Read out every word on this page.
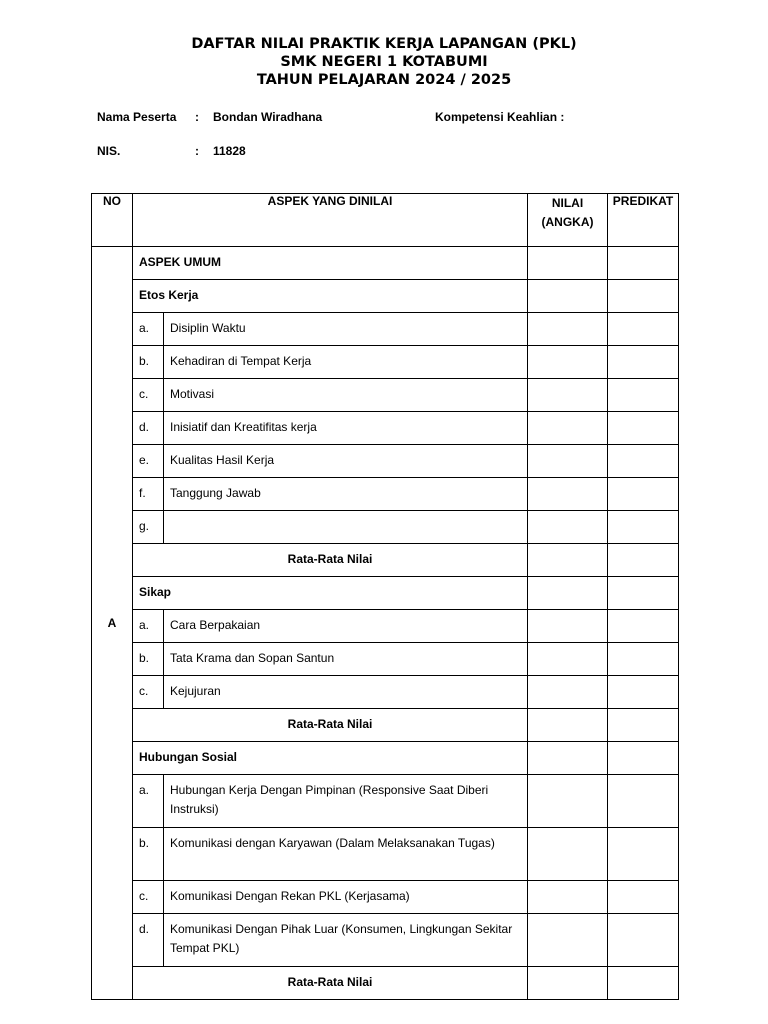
DAFTAR NILAI PRAKTIK KERJA LAPANGAN (PKL)
SMK NEGERI 1 KOTABUMI
TAHUN PELAJARAN 2024 / 2025
Nama Peserta : Bondan Wiradhana	Kompetensi Keahlian :
NIS.	: 11828
NO	ASPEK YANG DINILAI		NILAI (ANGKA)	PREDIKAT
A	ASPEK UMUM			

	Etos Kerja			

	a.	Disiplin Waktu		

	b.	Kehadiran di Tempat Kerja		

	c.	Motivasi		

	d.	Inisiatif dan Kreatifitas kerja		

	e.	Kualitas Hasil Kerja		

	f.	Tanggung Jawab		

	g.			

	Rata-Rata Nilai			

	Sikap			

	a.	Cara Berpakaian		

	b.	Tata Krama dan Sopan Santun		

	c.	Kejujuran		

	Rata-Rata Nilai			

	Hubungan Sosial			

	a.	Hubungan Kerja Dengan Pimpinan (Responsive Saat Diberi Instruksi)		

	b.	Komunikasi dengan Karyawan (Dalam Melaksanakan Tugas)		

	c.	Komunikasi Dengan Rekan PKL (Kerjasama)		

	d.	Komunikasi Dengan Pihak Luar (Konsumen, Lingkungan Sekitar Tempat PKL)		

	Rata-Rata Nilai			
